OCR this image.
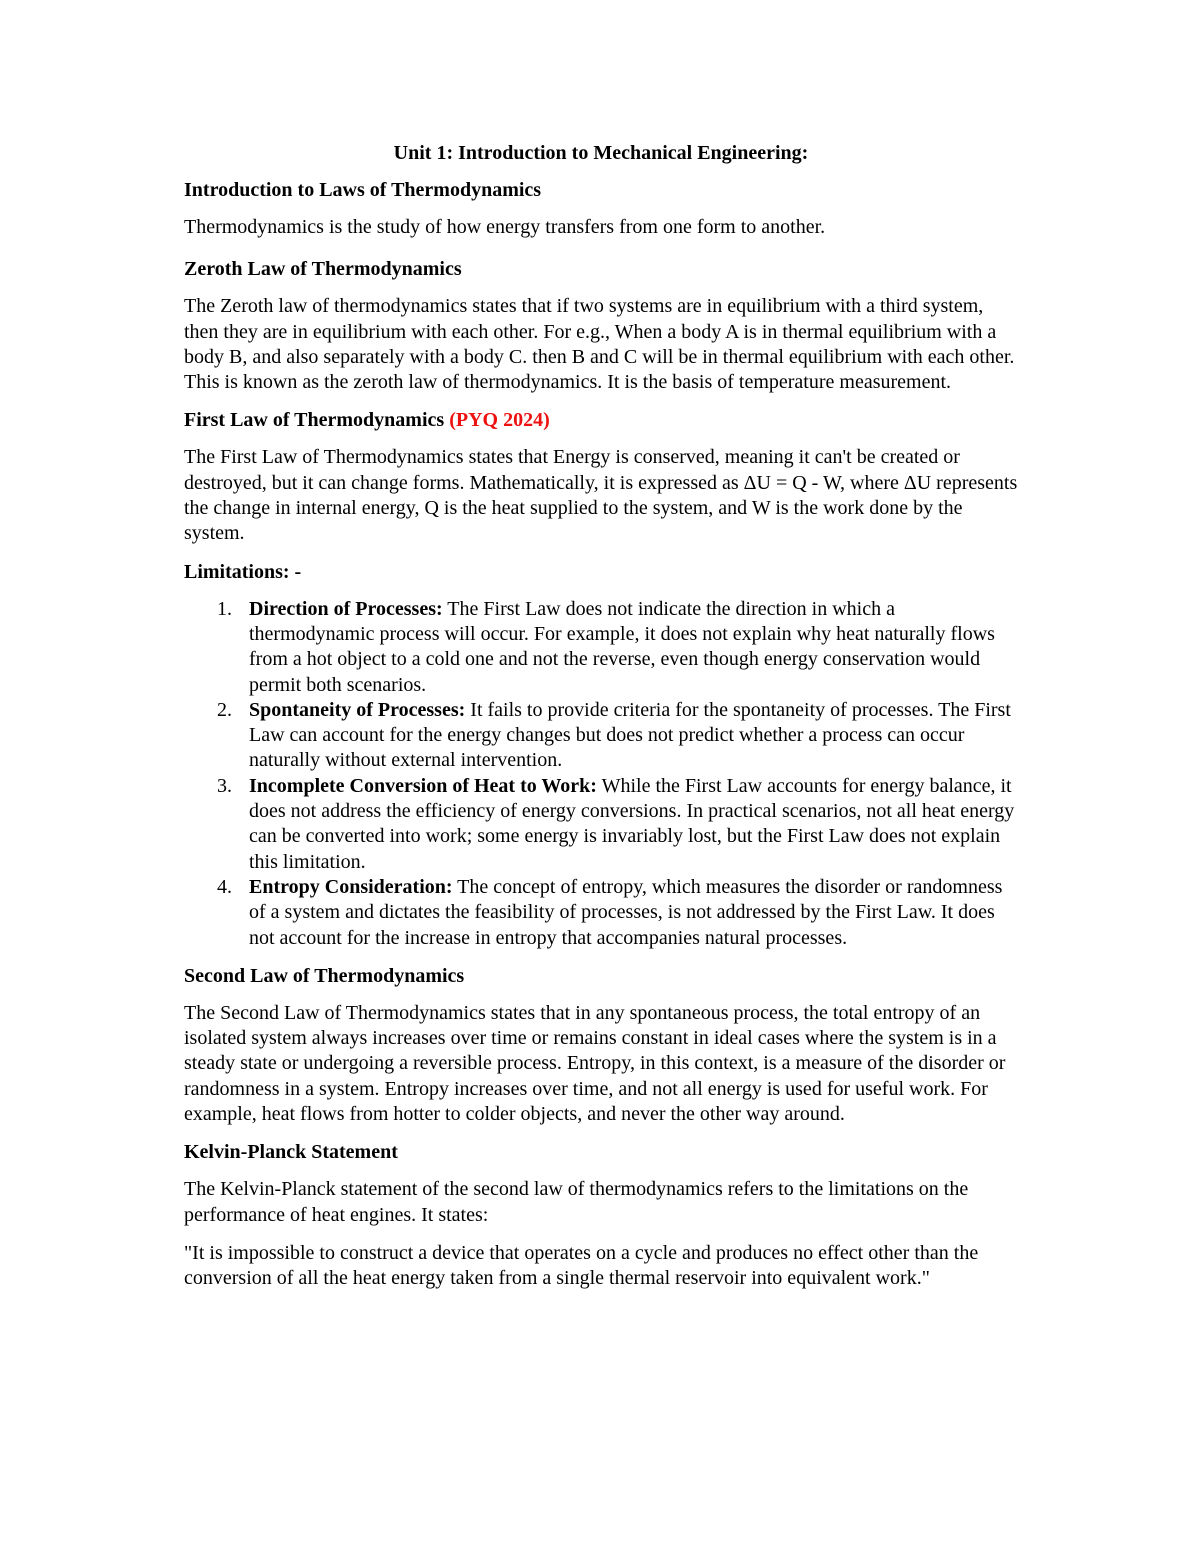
Unit 1: Introduction to Mechanical Engineering:
Introduction to Laws of Thermodynamics

Thermodynamics is the study of how energy transfers from one form to another.

Zeroth Law of Thermodynamics

The Zeroth law of thermodynamics states that if two systems are in equilibrium with a third system, then they are in equilibrium with each other. For e.g., When a body A is in thermal equilibrium with a body B, and also separately with a body C. then B and C will be in thermal equilibrium with each other. This is known as the zeroth law of thermodynamics. It is the basis of temperature measurement.

First Law of Thermodynamics (PYQ 2024)

The First Law of Thermodynamics states that Energy is conserved, meaning it can't be created or destroyed, but it can change forms. Mathematically, it is expressed as ΔU = Q - W, where ΔU represents the change in internal energy, Q is the heat supplied to the system, and W is the work done by the system.

Limitations: -
1. Direction of Processes: The First Law does not indicate the direction in which a thermodynamic process will occur. For example, it does not explain why heat naturally flows from a hot object to a cold one and not the reverse, even though energy conservation would permit both scenarios.
2. Spontaneity of Processes: It fails to provide criteria for the spontaneity of processes. The First Law can account for the energy changes but does not predict whether a process can occur naturally without external intervention.
3. Incomplete Conversion of Heat to Work: While the First Law accounts for energy balance, it does not address the efficiency of energy conversions. In practical scenarios, not all heat energy can be converted into work; some energy is invariably lost, but the First Law does not explain this limitation.
4. Entropy Consideration: The concept of entropy, which measures the disorder or randomness of a system and dictates the feasibility of processes, is not addressed by the First Law. It does not account for the increase in entropy that accompanies natural processes.
Second Law of Thermodynamics

The Second Law of Thermodynamics states that in any spontaneous process, the total entropy of an isolated system always increases over time or remains constant in ideal cases where the system is in a steady state or undergoing a reversible process. Entropy, in this context, is a measure of the disorder or randomness in a system. Entropy increases over time, and not all energy is used for useful work. For example, heat flows from hotter to colder objects, and never the other way around.

Kelvin-Planck Statement

The Kelvin-Planck statement of the second law of thermodynamics refers to the limitations on the performance of heat engines. It states:

"It is impossible to construct a device that operates on a cycle and produces no effect other than the conversion of all the heat energy taken from a single thermal reservoir into equivalent work."
